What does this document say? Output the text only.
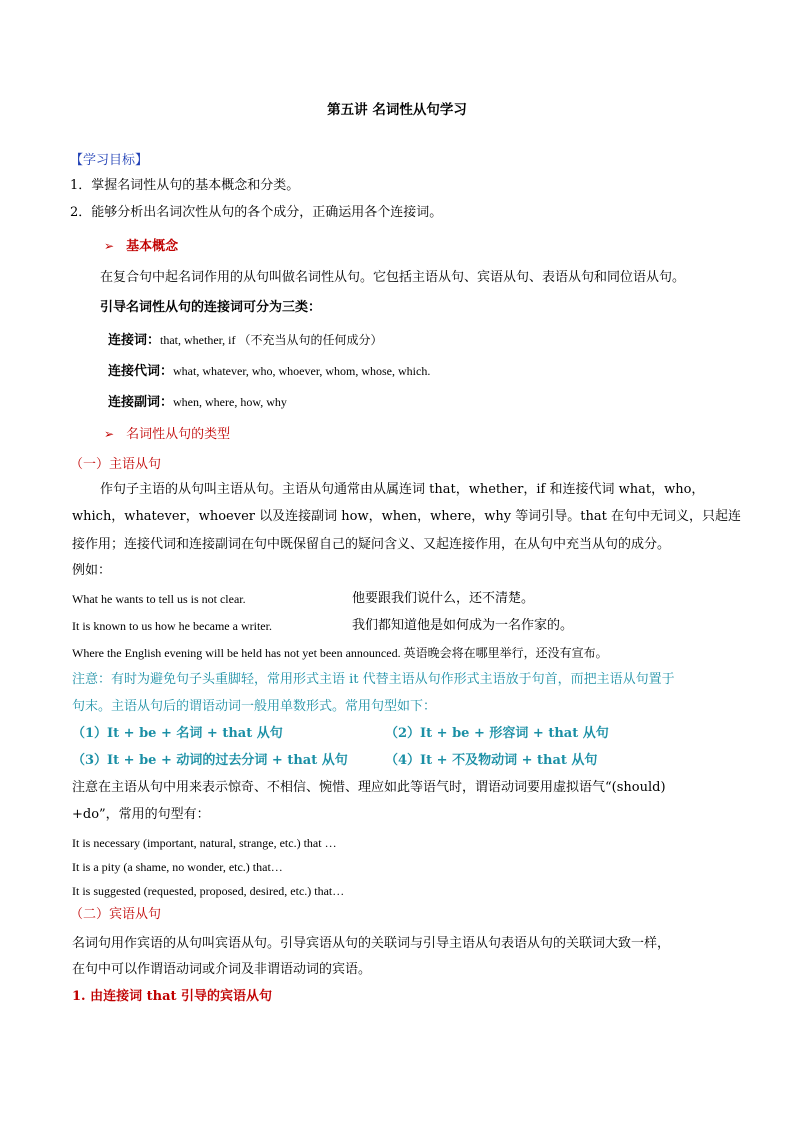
第五讲 名词性从句学习
【学习目标】
1．掌握名词性从句的基本概念和分类。
2．能够分析出名词次性从句的各个成分，正确运用各个连接词。
➢ 基本概念
在复合句中起名词作用的从句叫做名词性从句。它包括主语从句、宾语从句、表语从句和同位语从句。
引导名词性从句的连接词可分为三类：
连接词：that, whether, if （不充当从句的任何成分）
连接代词：what, whatever, who, whoever, whom, whose, which.
连接副词：when, where, how, why
➢ 名词性从句的类型
（一）主语从句
作句子主语的从句叫主语从句。主语从句通常由从属连词 that，whether，if 和连接代词 what，who，
which，whatever，whoever 以及连接副词 how，when，where，why 等词引导。that 在句中无词义，只起连
接作用；连接代词和连接副词在句中既保留自己的疑问含义、又起连接作用，在从句中充当从句的成分。
例如：
What he wants to tell us is not clear.	他要跟我们说什么，还不清楚。
It is known to us how he became a writer.	我们都知道他是如何成为一名作家的。
Where the English evening will be held has not yet been announced. 英语晚会将在哪里举行，还没有宣布。
注意：有时为避免句子头重脚轻，常用形式主语 it 代替主语从句作形式主语放于句首，而把主语从句置于
句末。主语从句后的谓语动词一般用单数形式。常用句型如下：
（1）It + be + 名词 + that 从句	（2）It + be + 形容词 + that 从句
（3）It + be + 动词的过去分词 + that 从句	（4）It + 不及物动词 + that 从句
注意在主语从句中用来表示惊奇、不相信、惋惜、理应如此等语气时，谓语动词要用虚拟语气“(should)
+do”，常用的句型有：
It is necessary (important, natural, strange, etc.) that …
It is a pity (a shame, no wonder, etc.) that…
It is suggested (requested, proposed, desired, etc.) that…
（二）宾语从句
名词句用作宾语的从句叫宾语从句。引导宾语从句的关联词与引导主语从句表语从句的关联词大致一样，
在句中可以作谓语动词或介词及非谓语动词的宾语。
1. 由连接词 that 引导的宾语从句
